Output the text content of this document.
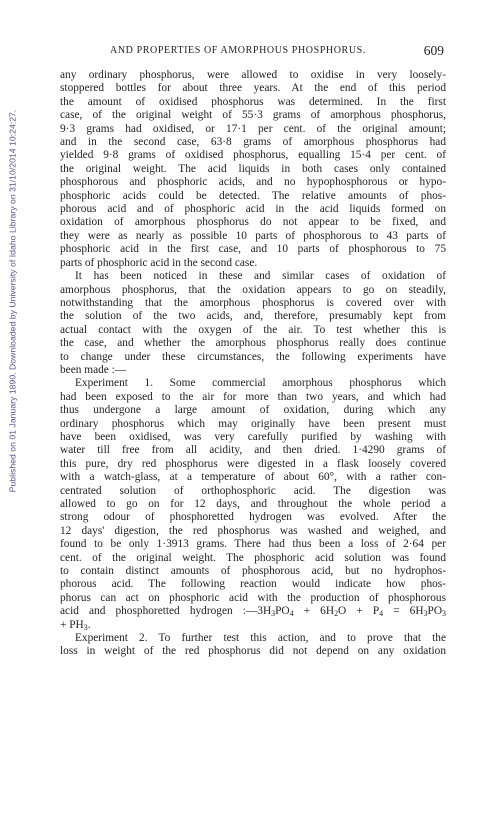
Published on 01 January 1890. Downloaded by University of Idaho Library on 31/10/2014 10:24:27.
AND PROPERTIES OF AMORPHOUS PHOSPHORUS.	609
any ordinary phosphorus, were allowed to oxidise in very loosely-
stoppered bottles for about three years. At the end of this period
the amount of oxidised phosphorus was determined. In the first
case, of the original weight of 55·3 grams of amorphous phosphorus,
9·3 grams had oxidised, or 17·1 per cent. of the original amount;
and in the second case, 63·8 grams of amorphous phosphorus had
yielded 9·8 grams of oxidised phosphorus, equalling 15·4 per cent. of
the original weight. The acid liquids in both cases only contained
phosphorous and phosphoric acids, and no hypophosphorous or hypo-
phosphoric acids could be detected. The relative amounts of phos-
phorous acid and of phosphoric acid in the acid liquids formed on
oxidation of amorphous phosphorus do not appear to be fixed, and
they were as nearly as possible 10 parts of phosphorous to 43 parts of
phosphoric acid in the first case, and 10 parts of phosphorous to 75
parts of phosphoric acid in the second case.
It has been noticed in these and similar cases of oxidation of
amorphous phosphorus, that the oxidation appears to go on steadily,
notwithstanding that the amorphous phosphorus is covered over with
the solution of the two acids, and, therefore, presumably kept from
actual contact with the oxygen of the air. To test whether this is
the case, and whether the amorphous phosphorus really does continue
to change under these circumstances, the following experiments have
been made :—
Experiment 1. Some commercial amorphous phosphorus which
had been exposed to the air for more than two years, and which had
thus undergone a large amount of oxidation, during which any
ordinary phosphorus which may originally have been present must
have been oxidised, was very carefully purified by washing with
water till free from all acidity, and then dried. 1·4290 grams of
this pure, dry red phosphorus were digested in a flask loosely covered
with a watch-glass, at a temperature of about 60°, with a rather con-
centrated solution of orthophosphoric acid. The digestion was
allowed to go on for 12 days, and throughout the whole period a
strong odour of phosphoretted hydrogen was evolved. After the
12 days' digestion, the red phosphorus was washed and weighed, and
found to be only 1·3913 grams. There had thus been a loss of 2·64 per
cent. of the original weight. The phosphoric acid solution was found
to contain distinct amounts of phosphorous acid, but no hydrophos-
phorous acid. The following reaction would indicate how phos-
phorus can act on phosphoric acid with the production of phosphorous
acid and phosphoretted hydrogen $:—3H_3PO_4 + 6H_2O + P_4 = 6H_3PO_3$
+ $PH_3$.
Experiment 2. To further test this action, and to prove that the
loss in weight of the red phosphorus did not depend on any oxidation
